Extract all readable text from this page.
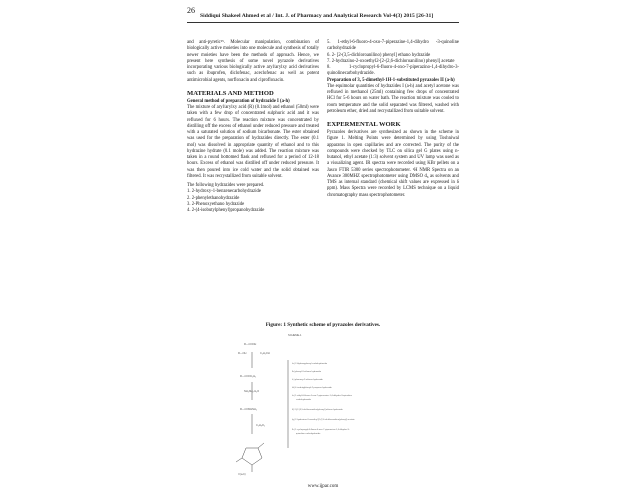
26
Siddiqui Shakeel Ahmed et al / Int. J. of Pharmacy and Analytical Research Vol-4(3) 2015 [26-31]

and anti-pyretic¹⁵. Molecular manipulation, combination of biologically active moieties into one molecule and synthesis of totally newer moieties have been the methods of approach. Hence, we present here synthesis of some novel pyrazole derivatives incorporating various biologically active aryl/arylxy acid derivatives such as ibuprofen, diclofenac, aceclofenac as well as potent antimicrobial agents, norfloxacin and ciprofloxacin.

MATERIALS AND METHOD

General method of preparation of hydrazide I (a-h)

The mixture of aryl/arylxy acid (R) (0.1mol) and ethanol (50ml) were taken with a few drop of concentrated sulphuric acid and it was refluxed for 6 hours. The reaction mixture was concentrated by distilling off the excess of ethanol under reduced pressure and treated with a saturated solution of sodium bicarbonate. The ester obtained was used for the preparation of hydrazides directly. The ester (0.1 mol) was dissolved in appropriate quantity of ethanol and to this hydrazine hydrate (0.1 mole) was added. The reaction mixture was taken in a round bottomed flask and refluxed for a period of 12-18 hours. Excess of ethanol was distilled off under reduced pressure. It was then poured into ice cold water and the solid obtained was filtered. It was recrystallized from suitable solvent.

The following hydrazides were prepared.

1. 2-hydroxy-1-benzenecarbohydrazide

2. 2-phenylethanohydrazide

3. 2-Phenoxyethano hydrazide

4. 2-(4-isobutylphenyl)propanohydrazide

5. 1-ethyl-6-fluoro-4-oxo-7-piperazine-1,4-dihydro -3-quinoline carbohydrazide

6. 2- [2-(3,5-dichloroanilino) phenyl] ethano hydrazide

7. 2-hydrazino-2-oxoethyl2-[2-(2,6-dichloroanilino) phenyl] acetate

8. 1-cyclopropyl-6-fluoro-4-oxo-7-piperazino-1,4-dihydro-3-quinolinecarbohydrazide.

Preparation of 3, 5-dimethyl-1H-1-substituted pyrazoles II (a-h)

The equimolar quantities of hydrazides I (a-h) and acetyl acetone was refluxed in methanol (25ml) containing few drops of concentrated HCl for 5-6 hours on water bath. The reaction mixture was cooled to room temperature and the solid separated was filtered, washed with petroleum ether, dried and recrystallized from suitable solvent.

EXPERMENTAL WORK

Pyrazoles derivatives are synthesized as shown in the scheme in figure 1. Melting Points were determined by using Toshniwal apparatus in open capillaries and are corrected. The purity of the compounds were checked by TLC on silica gel G plates using n-butanol, ethyl acetate (1:3) solvent system and UV lamp was used as a visualizing agent. IR spectra were recorded using KBr pellets on a Jasco FTIR 5300 series spectrophotometer. ¹H NMR Spectra on an Avance 300MHZ spectrophotometer using DMSO d₆ as solvents and TMS as internal standard (chemical shift values are expressed in δ ppm). Mass Spectra were recorded by LCMS technique on a liquid chromatography mass spectrophotometer.

Figure: 1 Synthetic scheme of pyrazoles derivatives.
SCHEME-1
R—COOH
R—OH	C₂H₅OH
R—COOC₂H₅
NH₂NH₂.H₂O
R—CONHNH₂
C₅H₈O₂
II (a-h)
Ia) 2-Hydroxyphenyl carbohydrazide
Ib) phenyl-2-ethano hydrazide
Ic) phenoxy-2-ethano hydrazide
Id) 4-isobutylphenyl-2-propano hydrazide
Ie) 1-ethyl-6-fluoro-4-oxo-7-piperazine-1,4-dihydro-3-quinoline
carbohydrazide
If) 2-[2-(3,5-dichloroanilino)phenyl] ethano hydrazide
Ig) 2-hydrazino-2-oxoethyl [2-(2,6-dichloroanilino)phenyl] acetate
Ih) 1-cyclopropyl-6-fluoro-4-oxo-7-piperazino-1,4-dihydro-3-
quinoline carbohydrazide
www.ijpar.com
